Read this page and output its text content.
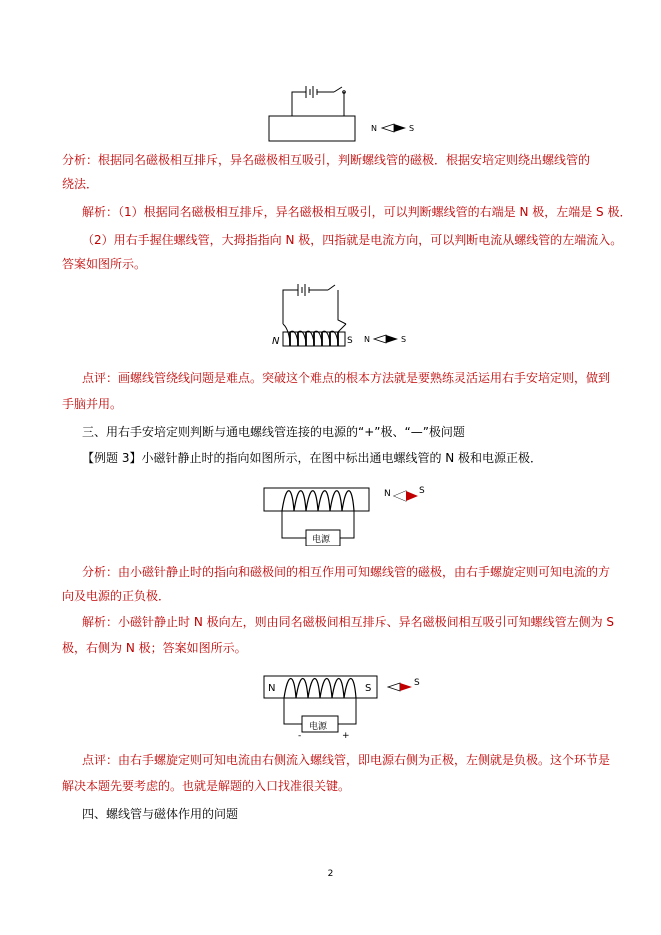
N	S
分析：根据同名磁极相互排斥，异名磁极相互吸引，判断螺线管的磁极．根据安培定则绕出螺线管的
绕法．
解析：（1）根据同名磁极相互排斥，异名磁极相互吸引，可以判断螺线管的右端是 N 极，左端是 S 极．
（2）用右手握住螺线管，大拇指指向 N 极，四指就是电流方向，可以判断电流从螺线管的左端流入。
答案如图所示。
N	S N	S
点评：画螺线管绕线问题是难点。突破这个难点的根本方法就是要熟练灵活运用右手安培定则，做到
手脑并用。
三、用右手安培定则判断与通电螺线管连接的电源的“+”极、“—”极问题
【例题 3】小磁针静止时的指向如图所示，在图中标出通电螺线管的 N 极和电源正极．
电源
N	S
分析：由小磁针静止时的指向和磁极间的相互作用可知螺线管的磁极，由右手螺旋定则可知电流的方
向及电源的正负极．
解析：小磁针静止时 N 极向左，则由同名磁极间相互排斥、异名磁极间相互吸引可知螺线管左侧为 S
极，右侧为 N 极；答案如图所示。
N	S
电源
-	+
S
点评：由右手螺旋定则可知电流由右侧流入螺线管，即电源右侧为正极，左侧就是负极。这个环节是
解决本题先要考虑的。也就是解题的入口找准很关键。
四、螺线管与磁体作用的问题
2
